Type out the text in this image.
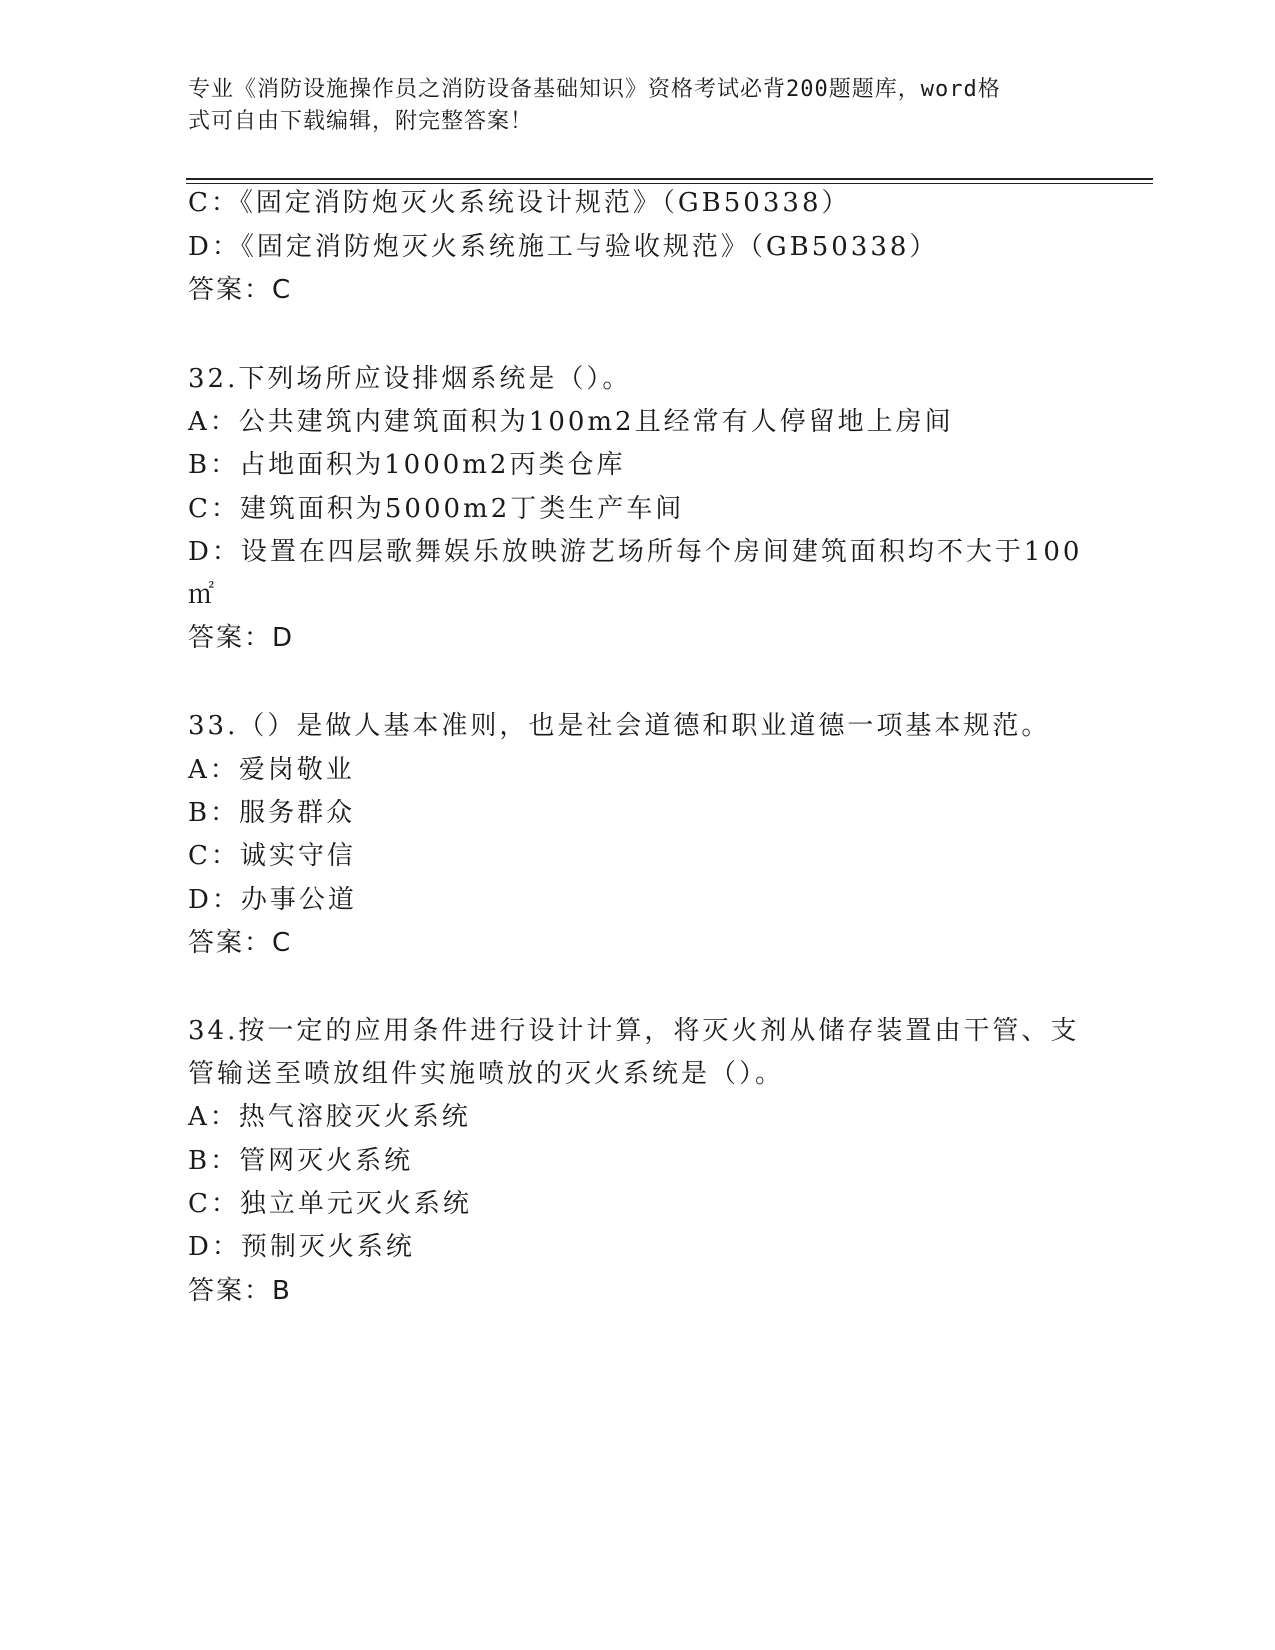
专业《消防设施操作员之消防设备基础知识》资格考试必背200题题库，word格
式可自由下载编辑，附完整答案！
C：《固定消防炮灭火系统设计规范》（GB50338）
D：《固定消防炮灭火系统施工与验收规范》（GB50338）
答案：C
32.下列场所应设排烟系统是（）。
A：公共建筑内建筑面积为100m2且经常有人停留地上房间
B：占地面积为1000m2丙类仓库
C：建筑面积为5000m2丁类生产车间
D：设置在四层歌舞娱乐放映游艺场所每个房间建筑面积均不大于100
㎡
答案：D
33.（）是做人基本准则，也是社会道德和职业道德一项基本规范。
A：爱岗敬业
B：服务群众
C：诚实守信
D：办事公道
答案：C
34.按一定的应用条件进行设计计算，将灭火剂从储存装置由干管、支
管输送至喷放组件实施喷放的灭火系统是（）。
A：热气溶胶灭火系统
B：管网灭火系统
C：独立单元灭火系统
D：预制灭火系统
答案：B
